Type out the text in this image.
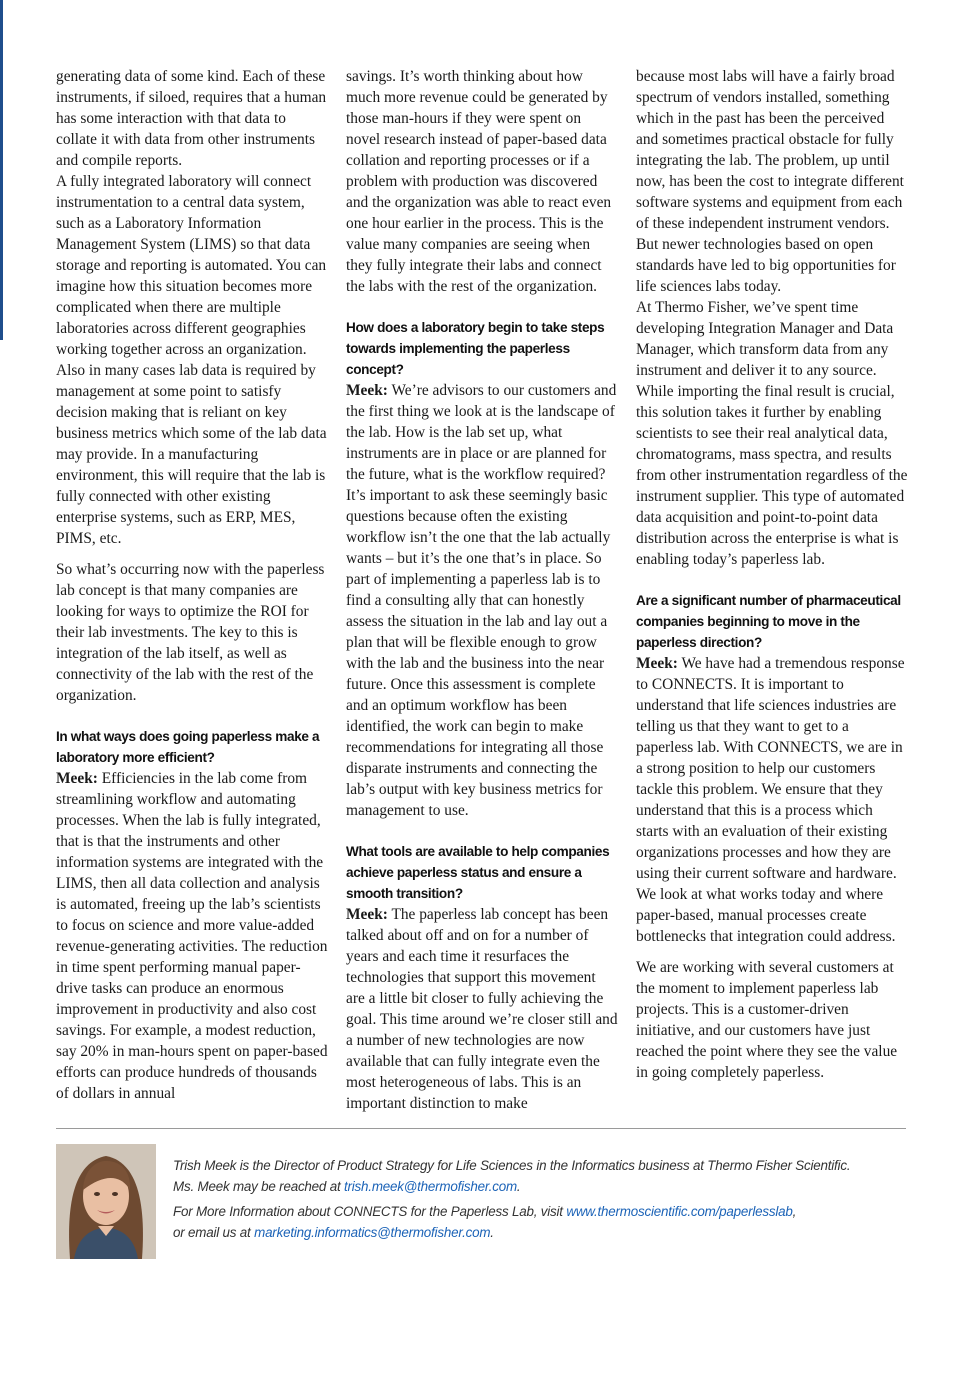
generating data of some kind. Each of these instruments, if siloed, requires that a human has some interaction with that data to collate it with data from other instruments and compile reports.

A fully integrated laboratory will connect instrumentation to a central data system, such as a Laboratory Information Management System (LIMS) so that data storage and reporting is automated. You can imagine how this situation becomes more complicated when there are multiple laboratories across different geographies working together across an organization. Also in many cases lab data is required by management at some point to satisfy decision making that is reliant on key business metrics which some of the lab data may provide. In a manufacturing environment, this will require that the lab is fully connected with other existing enterprise systems, such as ERP, MES, PIMS, etc.

So what’s occurring now with the paperless lab concept is that many companies are looking for ways to optimize the ROI for their lab investments. The key to this is integration of the lab itself, as well as connectivity of the lab with the rest of the organization.

In what ways does going paperless make a laboratory more efficient?

Meek: Efficiencies in the lab come from streamlining workflow and automating processes. When the lab is fully integrated, that is that the instruments and other information systems are integrated with the LIMS, then all data collection and analysis is automated, freeing up the lab’s scientists to focus on science and more value-added revenue-generating activities. The reduction in time spent performing manual paper-drive tasks can produce an enormous improvement in productivity and also cost savings. For example, a modest reduction, say 20% in man-hours spent on paper-based efforts can produce hundreds of thousands of dollars in annual

savings. It’s worth thinking about how much more revenue could be generated by those man-hours if they were spent on novel research instead of paper-based data collation and reporting processes or if a problem with production was discovered and the organization was able to react even one hour earlier in the process. This is the value many companies are seeing when they fully integrate their labs and connect the labs with the rest of the organization.

How does a laboratory begin to take steps towards implementing the paperless concept?

Meek: We’re advisors to our customers and the first thing we look at is the landscape of the lab. How is the lab set up, what instruments are in place or are planned for the future, what is the workflow required? It’s important to ask these seemingly basic questions because often the existing workflow isn’t the one that the lab actually wants – but it’s the one that’s in place. So part of implementing a paperless lab is to find a consulting ally that can honestly assess the situation in the lab and lay out a plan that will be flexible enough to grow with the lab and the business into the near future. Once this assessment is complete and an optimum workflow has been identified, the work can begin to make recommendations for integrating all those disparate instruments and connecting the lab’s output with key business metrics for management to use.

What tools are available to help companies achieve paperless status and ensure a smooth transition?

Meek: The paperless lab concept has been talked about off and on for a number of years and each time it resurfaces the technologies that support this movement are a little bit closer to fully achieving the goal. This time around we’re closer still and a number of new technologies are now available that can fully integrate even the most heterogeneous of labs. This is an important distinction to make

because most labs will have a fairly broad spectrum of vendors installed, something which in the past has been the perceived and sometimes practical obstacle for fully integrating the lab. The problem, up until now, has been the cost to integrate different software systems and equipment from each of these independent instrument vendors. But newer technologies based on open standards have led to big opportunities for life sciences labs today.

At Thermo Fisher, we’ve spent time developing Integration Manager and Data Manager, which transform data from any instrument and deliver it to any source.

While importing the final result is crucial, this solution takes it further by enabling scientists to see their real analytical data, chromatograms, mass spectra, and results from other instrumentation regardless of the instrument supplier. This type of automated data acquisition and point-to-point data distribution across the enterprise is what is enabling today’s paperless lab.

Are a significant number of pharmaceutical companies beginning to move in the paperless direction?

Meek: We have had a tremendous response to CONNECTS. It is important to understand that life sciences industries are telling us that they want to get to a paperless lab. With CONNECTS, we are in a strong position to help our customers tackle this problem. We ensure that they understand that this is a process which starts with an evaluation of their existing organizations processes and how they are using their current software and hardware. We look at what works today and where paper-based, manual processes create bottlenecks that integration could address.

We are working with several customers at the moment to implement paperless lab projects. This is a customer-driven initiative, and our customers have just reached the point where they see the value in going completely paperless.

Trish Meek is the Director of Product Strategy for Life Sciences in the Informatics business at Thermo Fisher Scientific.
Ms. Meek may be reached at trish.meek@thermofisher.com.

For More Information about CONNECTS for the Paperless Lab, visit www.thermoscientific.com/paperlesslab,
or email us at marketing.informatics@thermofisher.com.
